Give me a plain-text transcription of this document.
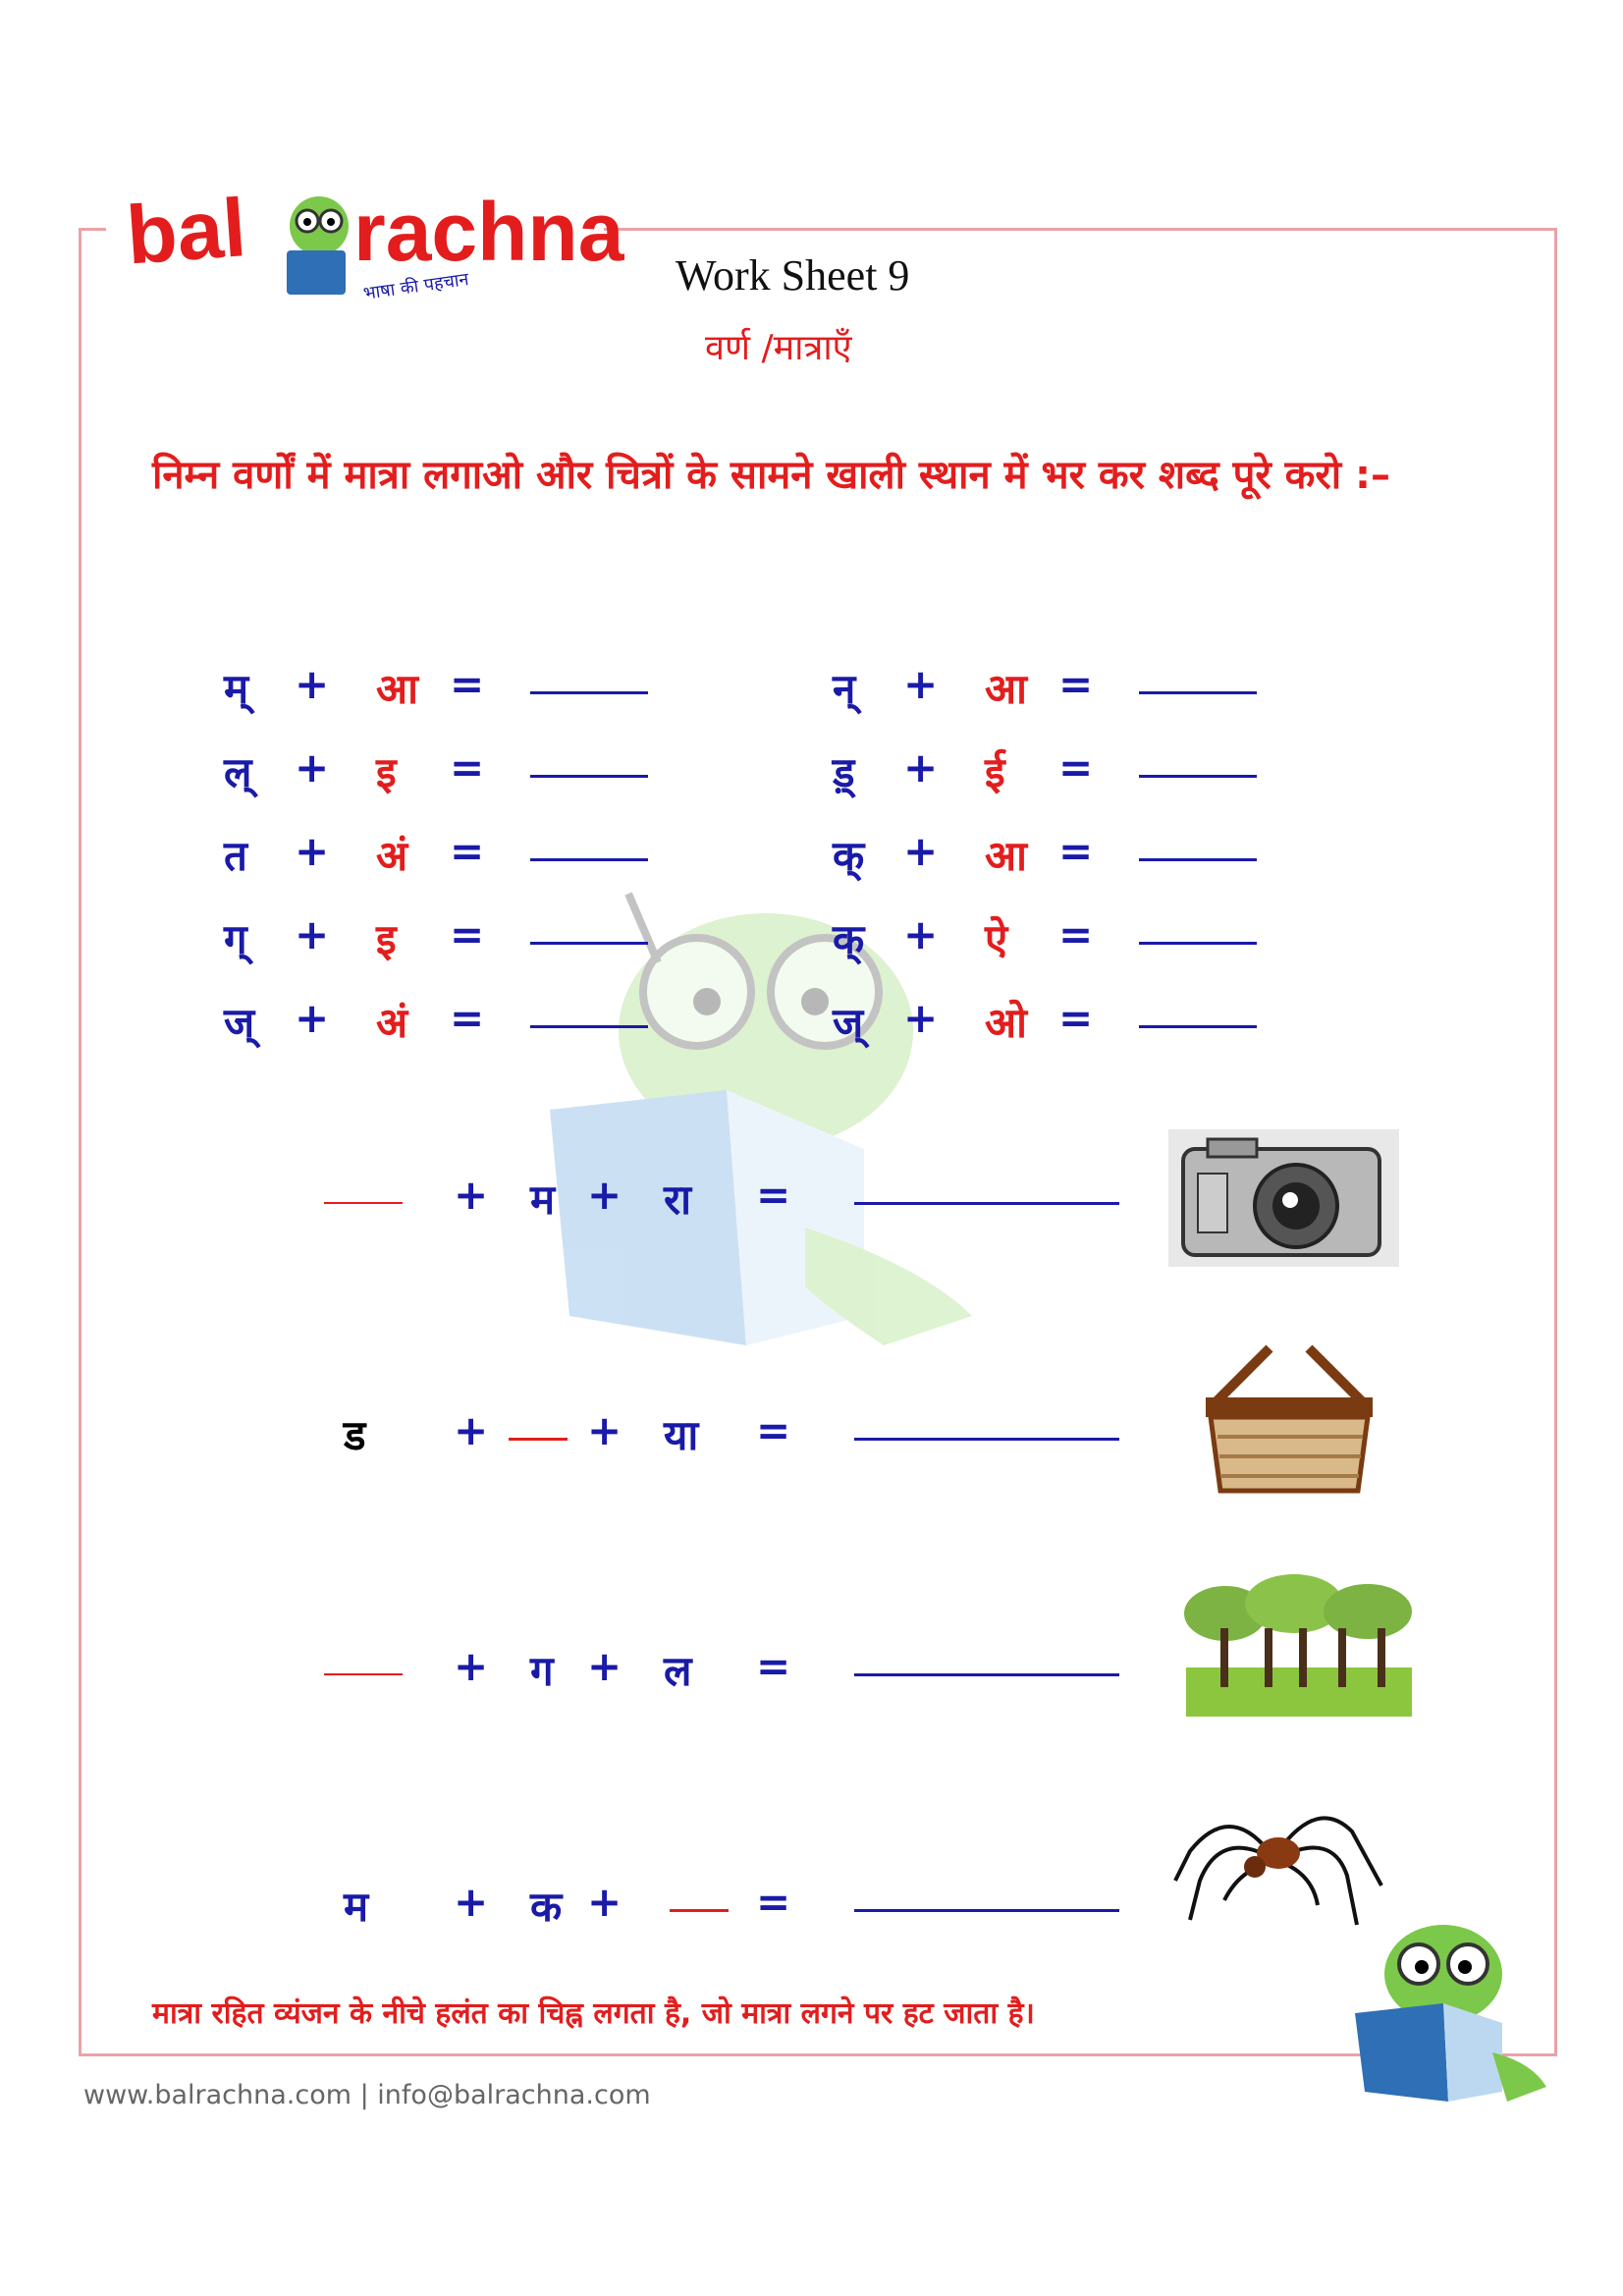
bal rachna
भाषा की पहचान	Work Sheet 9
वर्ण /मात्राएँ
निम्न वर्णों में मात्रा लगाओ और चित्रों के सामने खाली स्थान में भर कर शब्द पूरे करो :–
म् + आ =
ल् + इ =
त + अं =
ग् + इ =
ज् + अं =
न् + आ =
ड़् + ई =
क् + आ =
क् + ऐ =
ज् + ओ =
+ म + रा =
ड + + या =
+ ग + ल =
म + क +	=
मात्रा रहित व्यंजन के नीचे हलंत का चिह्न लगता है, जो मात्रा लगने पर हट जाता है।
www.balrachna.com | info@balrachna.com
